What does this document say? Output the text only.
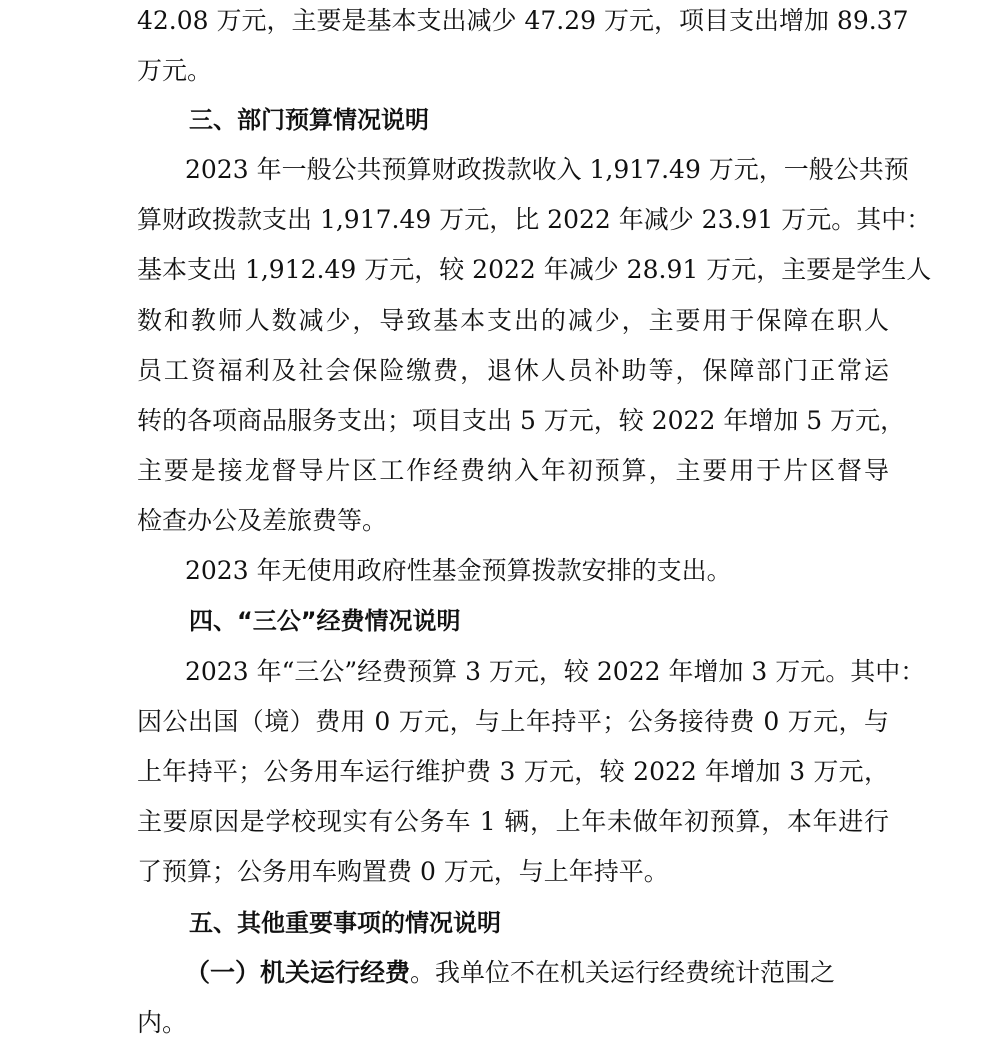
42.08 万元，主要是基本支出减少 47.29 万元，项目支出增加 89.37
万元。
三、部门预算情况说明
2023 年一般公共预算财政拨款收入 1,917.49 万元，一般公共预
算财政拨款支出 1,917.49 万元，比 2022 年减少 23.91 万元。其中：
基本支出 1,912.49 万元，较 2022 年减少 28.91 万元，主要是学生人
数和教师人数减少，导致基本支出的减少，主要用于保障在职人
员工资福利及社会保险缴费，退休人员补助等，保障部门正常运
转的各项商品服务支出；项目支出 5 万元，较 2022 年增加 5 万元，
主要是接龙督导片区工作经费纳入年初预算，主要用于片区督导
检查办公及差旅费等。
2023 年无使用政府性基金预算拨款安排的支出。
四、“三公”经费情况说明
2023 年“三公”经费预算 3 万元，较 2022 年增加 3 万元。其中：
因公出国（境）费用 0 万元，与上年持平；公务接待费 0 万元，与
上年持平；公务用车运行维护费 3 万元，较 2022 年增加 3 万元，
主要原因是学校现实有公务车 1 辆，上年未做年初预算，本年进行
了预算；公务用车购置费 0 万元，与上年持平。
五、其他重要事项的情况说明
（一）机关运行经费。我单位不在机关运行经费统计范围之
内。
